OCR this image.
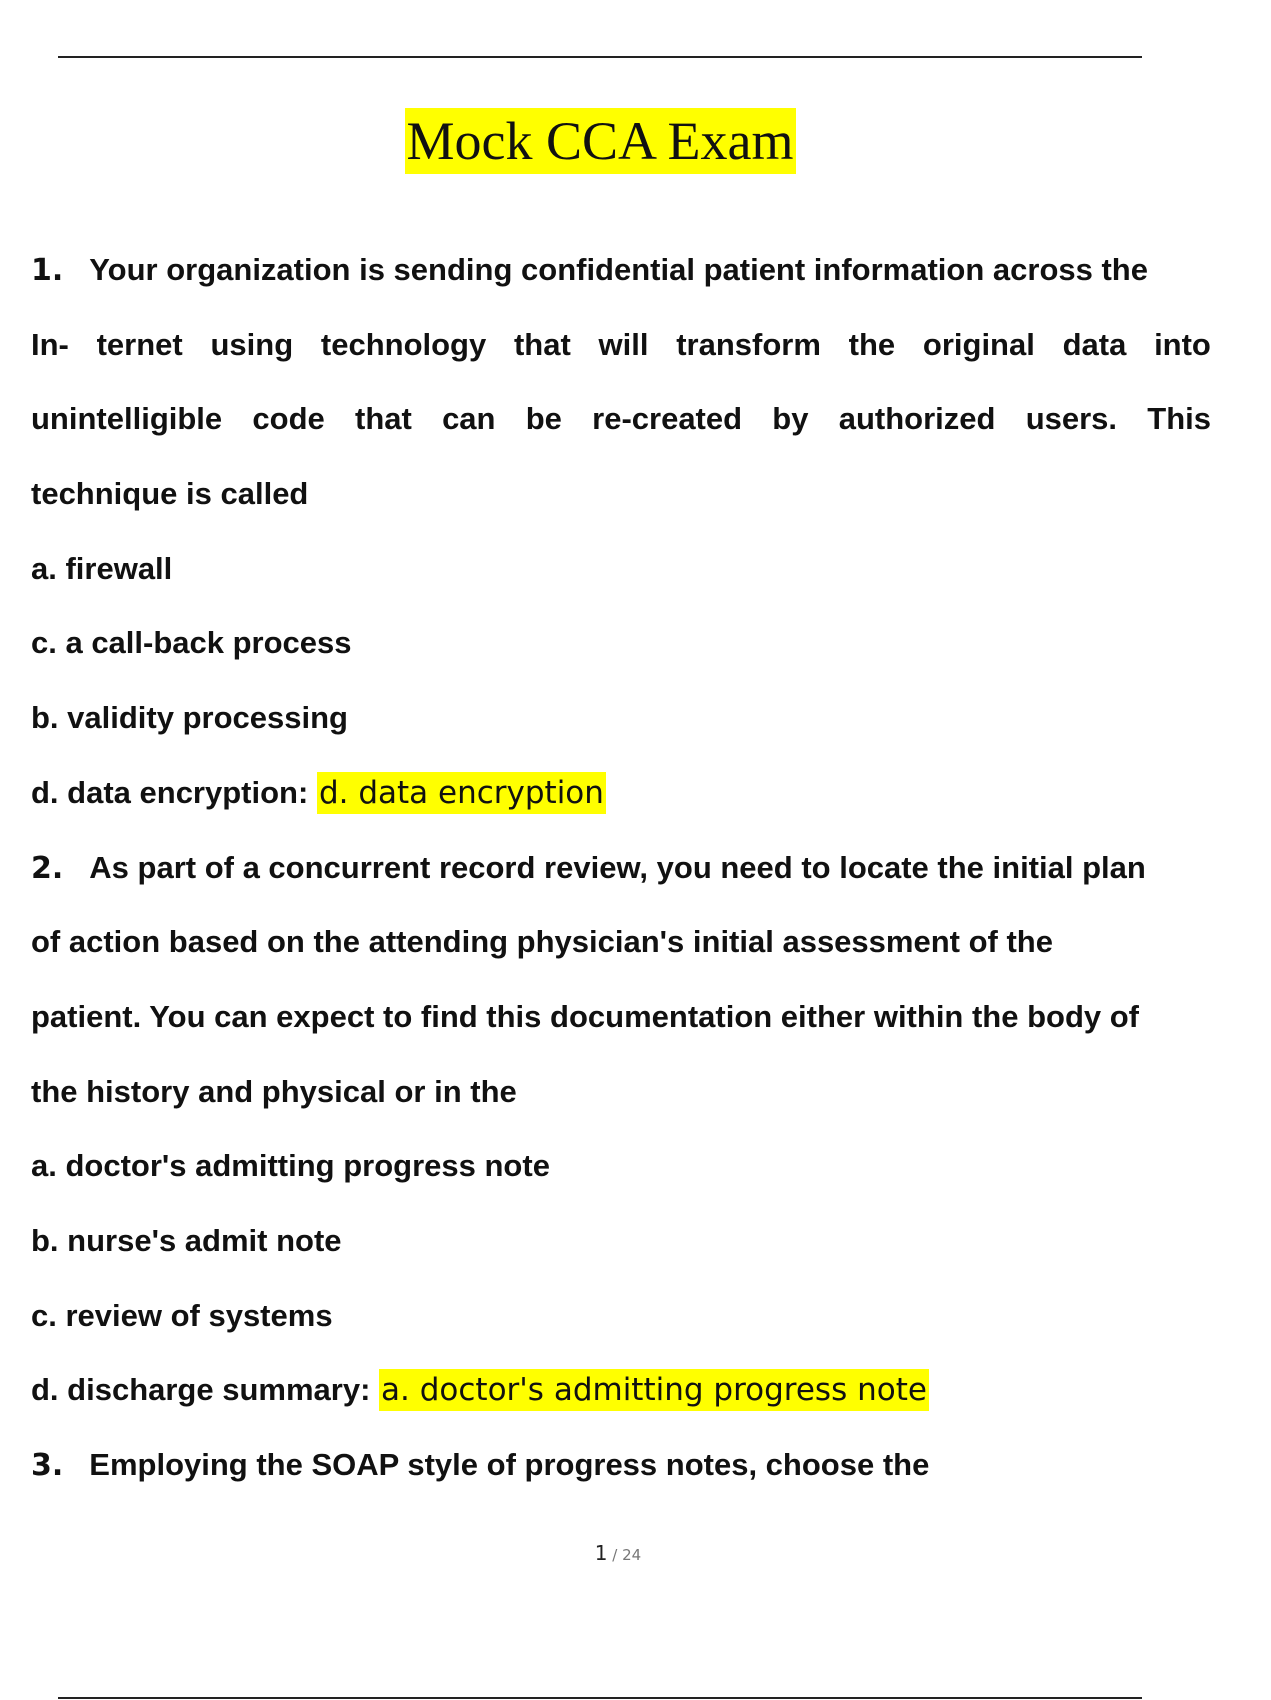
Mock CCA Exam
1. Your organization is sending confidential patient information across the
In- ternet using technology that will transform the original data into
unintelligible code that can be re-created by authorized users. This
technique is called
a. firewall
c. a call-back process
b. validity processing
d. data encryption: d. data encryption
2. As part of a concurrent record review, you need to locate the initial plan
of action based on the attending physician's initial assessment of the
patient. You can expect to find this documentation either within the body of
the history and physical or in the
a. doctor's admitting progress note
b. nurse's admit note
c. review of systems
d. discharge summary: a. doctor's admitting progress note
3. Employing the SOAP style of progress notes, choose the
1 / 24
